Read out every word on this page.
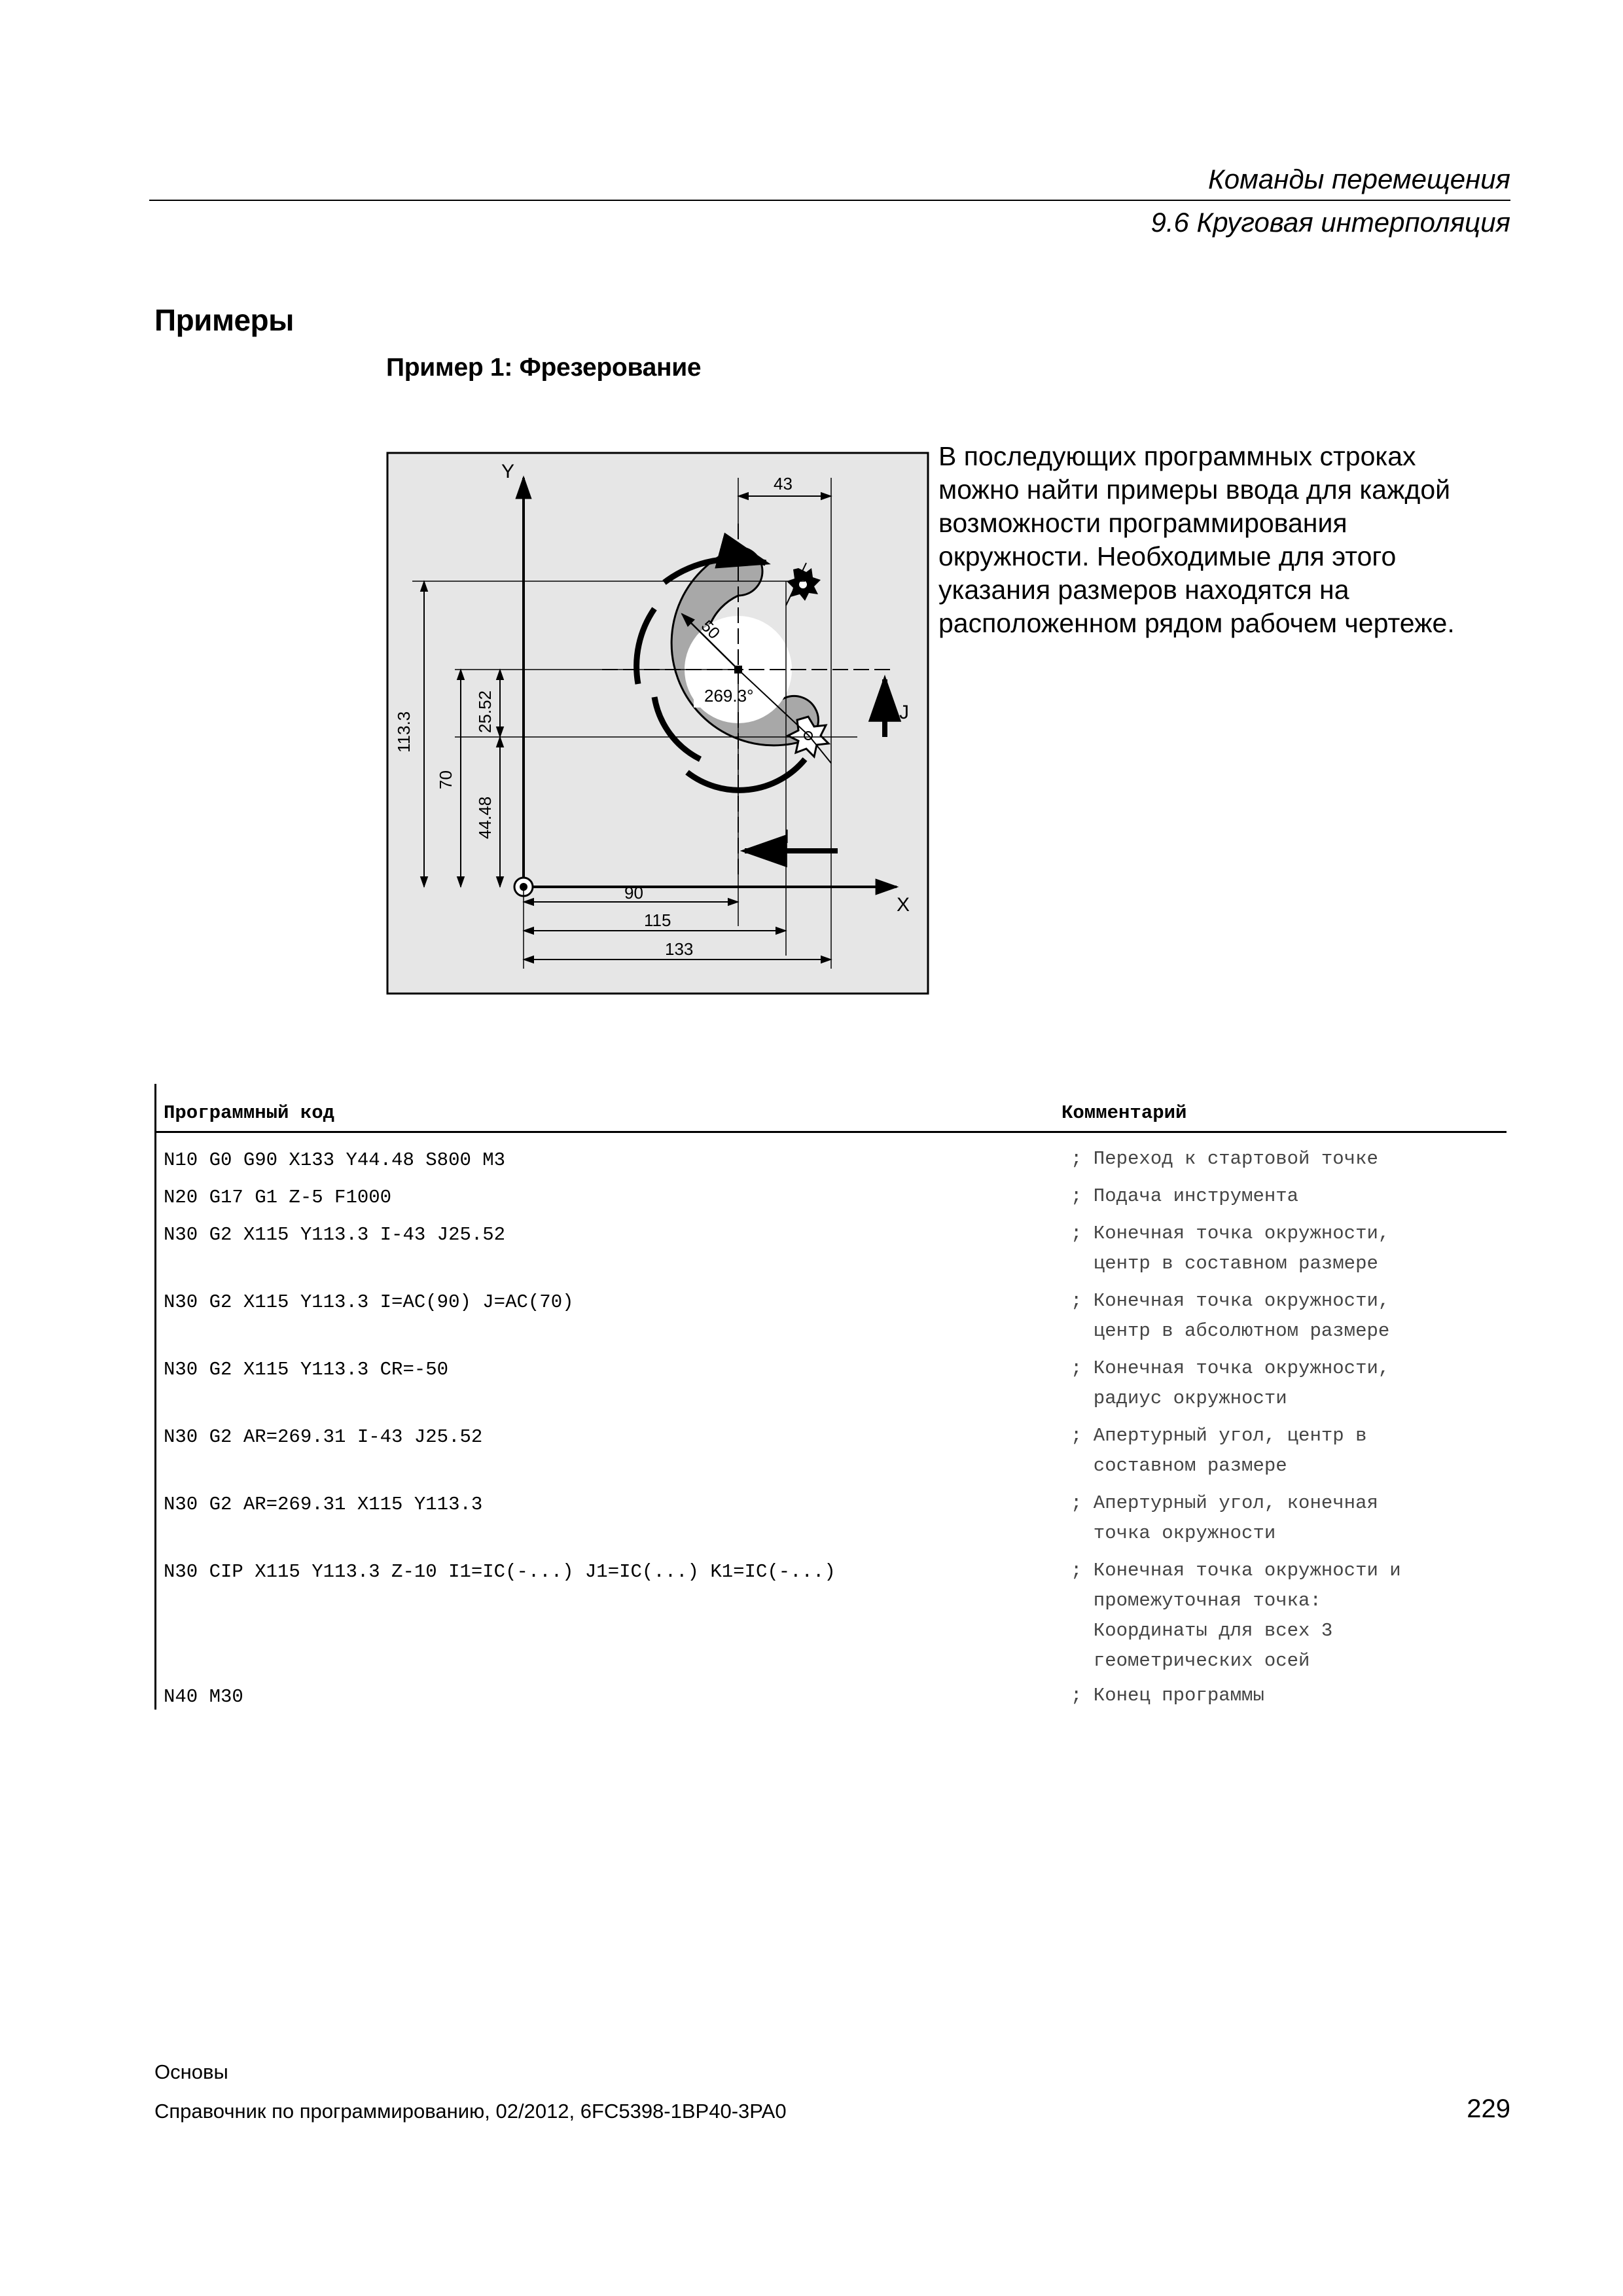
Команды перемещения
9.6 Круговая интерполяция
Примеры
Пример 1: Фрезерование
50
269.3°
J
I
Y
X
113.3
70
25.52
44.48
43
90
115
133
В последующих программных строках можно найти примеры ввода для каждой возможности программирования окружности. Необходимые для этого указания размеров находятся на расположенном рядом рабочем чертеже.
Программный код	Комментарий
N10 G0 G90 X133 Y44.48 S800 M3	; Переход к стартовой точке
N20 G17 G1 Z-5 F1000	; Подача инструмента
N30 G2 X115 Y113.3 I-43 J25.52	; Конечная точка окружности,
центр в составном размере
N30 G2 X115 Y113.3 I=AC(90) J=AC(70)	; Конечная точка окружности,
центр в абсолютном размере
N30 G2 X115 Y113.3 CR=-50	; Конечная точка окружности,
радиус окружности
N30 G2 AR=269.31 I-43 J25.52	; Апертурный угол, центр в
составном размере
N30 G2 AR=269.31 X115 Y113.3	; Апертурный угол, конечная
точка окружности
N30 CIP X115 Y113.3 Z-10 I1=IC(-...) J1=IC(...) K1=IC(-...)	; Конечная точка окружности и
промежуточная точка:
Координаты для всех 3
геометрических осей
N40 M30	; Конец программы
Основы
Справочник по программированию, 02/2012, 6FC5398-1BP40-3PA0	229
